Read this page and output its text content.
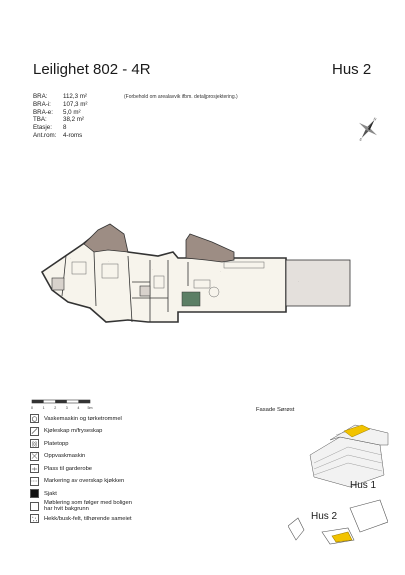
Leilighet 802 - 4R	Hus 2
BRA:	112,3 m²
BRA-i:	107,3 m²
BRA-e:	5,0 m²
TBA:	38,2 m²
Etasje:	8
Ant.rom:	4-roms
(Forbehold om arealavvik ifbm. detaljprosjektering.)
N
S
·
·
·	·
·
0	1	2	3	4 5m
Vaskemaskin og tørketrommel
Kjøleskap m/fryseskap
Platetopp
Oppvaskmaskin
Plass til garderobe
Markering av overskap kjøkken
Sjakt
Møblering som følger med boligen har hvit bakgrunn
Hekk/busk-felt, tilhørende sameiet
Fasade Sørøst
Hus 1
Hus 2
